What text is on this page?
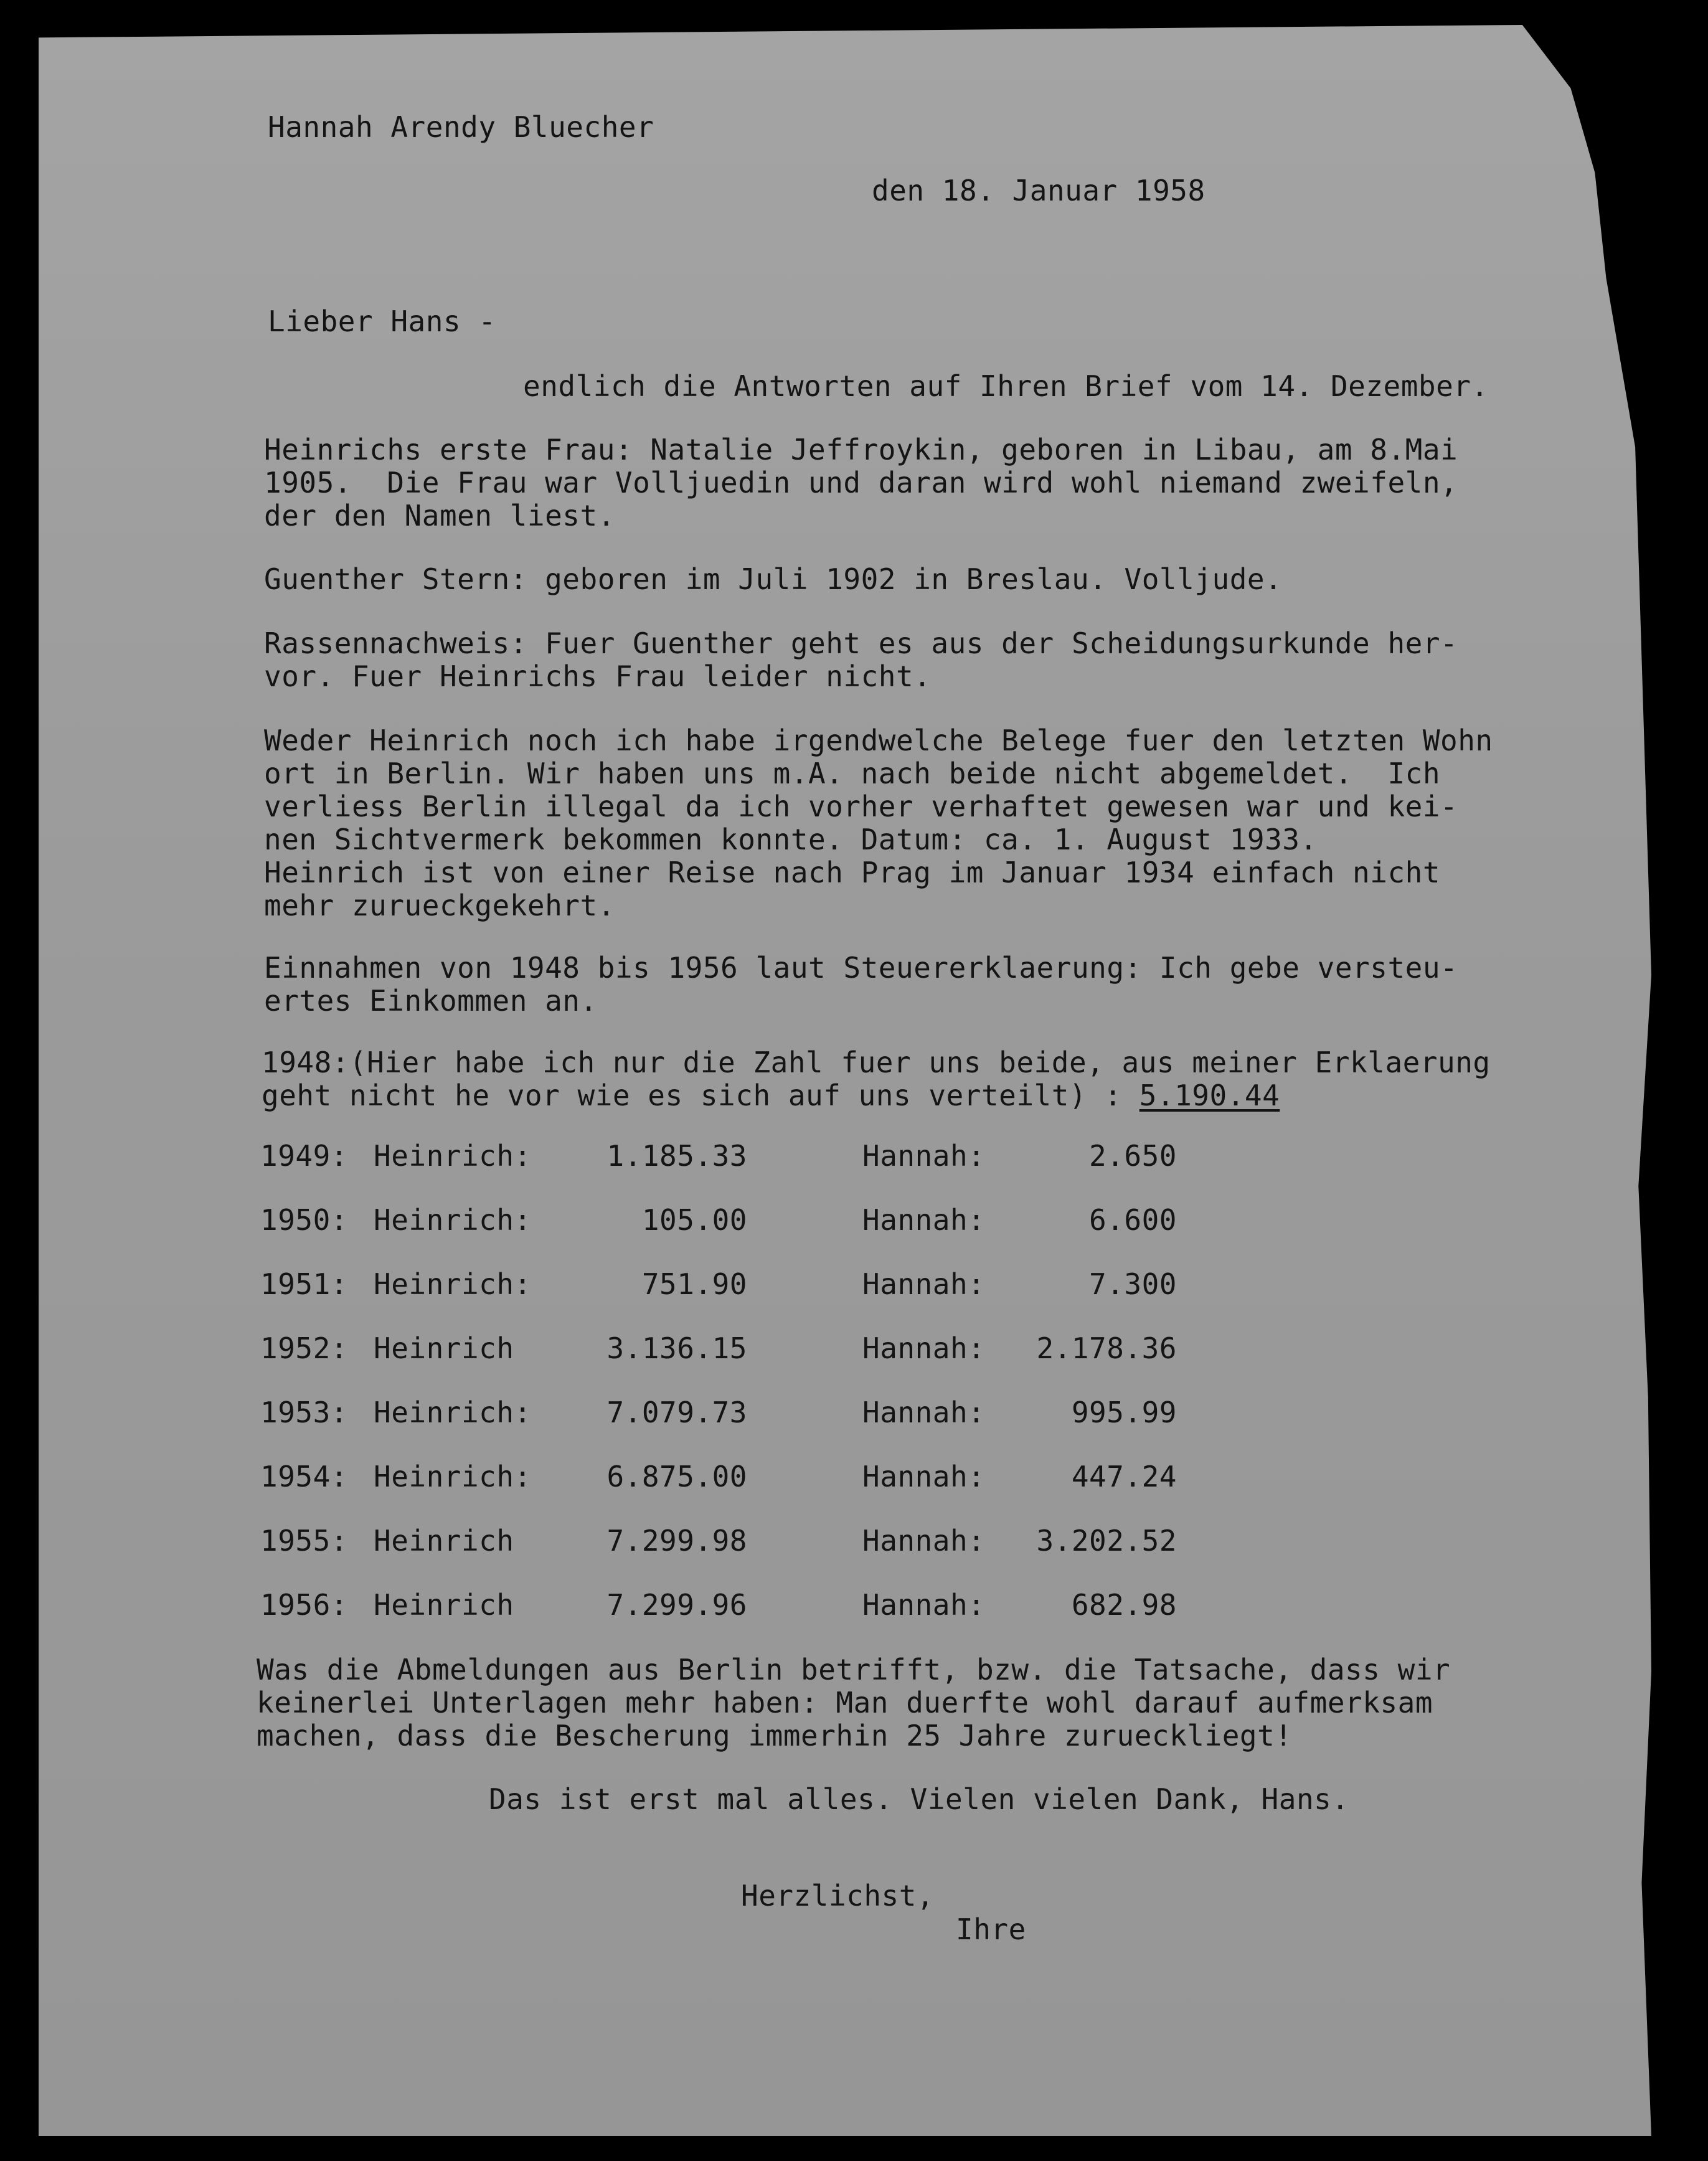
Hannah Arendy Bluecher
den 18. Januar 1958
Lieber Hans -
endlich die Antworten auf Ihren Brief vom 14. Dezember.
Heinrichs erste Frau: Natalie Jeffroykin, geboren in Libau, am 8.Mai
1905.  Die Frau war Volljuedin und daran wird wohl niemand zweifeln,
der den Namen liest.
Guenther Stern: geboren im Juli 1902 in Breslau. Volljude.
Rassennachweis: Fuer Guenther geht es aus der Scheidungsurkunde her-
vor. Fuer Heinrichs Frau leider nicht.
Weder Heinrich noch ich habe irgendwelche Belege fuer den letzten Wohn
ort in Berlin. Wir haben uns m.A. nach beide nicht abgemeldet.  Ich
verliess Berlin illegal da ich vorher verhaftet gewesen war und kei-
nen Sichtvermerk bekommen konnte. Datum: ca. 1. August 1933.
Heinrich ist von einer Reise nach Prag im Januar 1934 einfach nicht
mehr zurueckgekehrt.
Einnahmen von 1948 bis 1956 laut Steuererklaerung: Ich gebe versteu-
ertes Einkommen an.
1948:(Hier habe ich nur die Zahl fuer uns beide, aus meiner Erklaerung
geht nicht he vor wie es sich auf uns verteilt) : 5.190.44
1949: Heinrich:	1.185.33	Hannah:	2.650
1950: Heinrich:	105.00	Hannah:	6.600
1951: Heinrich:	751.90	Hannah:	7.300
1952: Heinrich	3.136.15	Hannah: 2.178.36
1953: Heinrich:	7.079.73	Hannah:	995.99
1954: Heinrich:	6.875.00	Hannah:	447.24
1955: Heinrich	7.299.98	Hannah: 3.202.52
1956: Heinrich	7.299.96	Hannah:	682.98
Was die Abmeldungen aus Berlin betrifft, bzw. die Tatsache, dass wir
keinerlei Unterlagen mehr haben: Man duerfte wohl darauf aufmerksam
machen, dass die Bescherung immerhin 25 Jahre zurueckliegt!
Das ist erst mal alles. Vielen vielen Dank, Hans.
Herzlichst,
Ihre
